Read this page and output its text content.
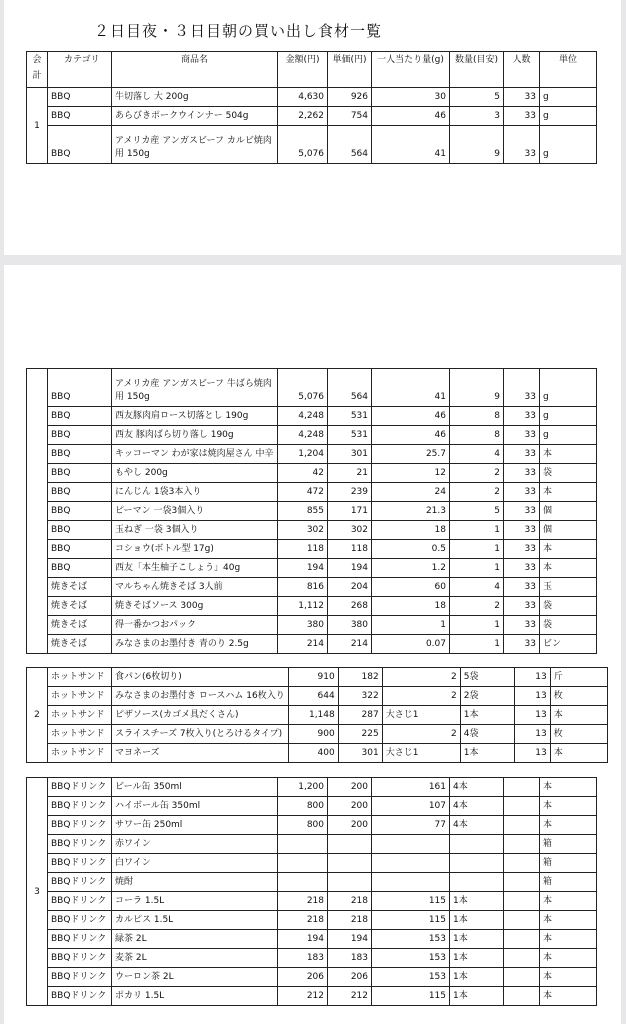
２日目夜・３日目朝の買い出し食材一覧
会計	カテゴリ	商品名	金額(円)	単価(円)	一人当たり量(g)	数量(目安)	人数	単位
1	BBQ	牛切落し 大 200g	4,630	926	30	5	33	g
	BBQ	あらびきポークウインナー 504g	2,262	754	46	3	33	g
	BBQ	アメリカ産 アンガスビーフ カルビ焼肉用 150g	5,076	564	41	9	33	g
	BBQ	アメリカ産 アンガスビーフ 牛ばら焼肉用 150g	5,076	564	41	9	33	g
	BBQ	西友豚肉肩ロース切落とし 190g	4,248	531	46	8	33	g
	BBQ	西友 豚肉ばら切り落し 190g	4,248	531	46	8	33	g
	BBQ	キッコーマン わが家は焼肉屋さん 中辛	1,204	301	25.7	4	33	本
	BBQ	もやし 200g	42	21	12	2	33	袋
	BBQ	にんじん 1袋3本入り	472	239	24	2	33	本
	BBQ	ピーマン 一袋3個入り	855	171	21.3	5	33	個
	BBQ	玉ねぎ 一袋 3個入り	302	302	18	1	33	個
	BBQ	コショウ(ボトル型 17g)	118	118	0.5	1	33	本
	BBQ	西友「本生柚子こしょう」40g	194	194	1.2	1	33	本
	焼きそば	マルちゃん焼きそば 3人前	816	204	60	4	33	玉
	焼きそば	焼きそばソース 300g	1,112	268	18	2	33	袋
	焼きそば	得一番かつおパック	380	380	1	1	33	袋
	焼きそば	みなさまのお墨付き 青のり 2.5g	214	214	0.07	1	33	ビン
2	ホットサンド	食パン(6枚切り)	910	182		2	5袋	13	斤
	ホットサンド	みなさまのお墨付き ロースハム 16枚入り	644	322		2	2袋	13	枚
	ホットサンド	ピザソース(カゴメ具だくさん)	1,148	287	大さじ1		1本	13	本
	ホットサンド	スライスチーズ 7枚入り(とろけるタイプ)	900	225		2	4袋	13	枚
	ホットサンド	マヨネーズ	400	301	大さじ1		1本	13	本
3	BBQドリンク	ビール缶 350ml	1,200	200	161	4本		本
	BBQドリンク	ハイボール缶 350ml	800	200	107	4本		本
	BBQドリンク	サワー缶 250ml	800	200	77	4本		本
	BBQドリンク	赤ワイン						箱
	BBQドリンク	白ワイン						箱
	BBQドリンク	焼酎						箱
	BBQドリンク	コーラ 1.5L	218	218	115	1本		本
	BBQドリンク	カルピス 1.5L	218	218	115	1本		本
	BBQドリンク	緑茶 2L	194	194	153	1本		本
	BBQドリンク	麦茶 2L	183	183	153	1本		本
	BBQドリンク	ウーロン茶 2L	206	206	153	1本		本
	BBQドリンク	ポカリ 1.5L	212	212	115	1本		本
